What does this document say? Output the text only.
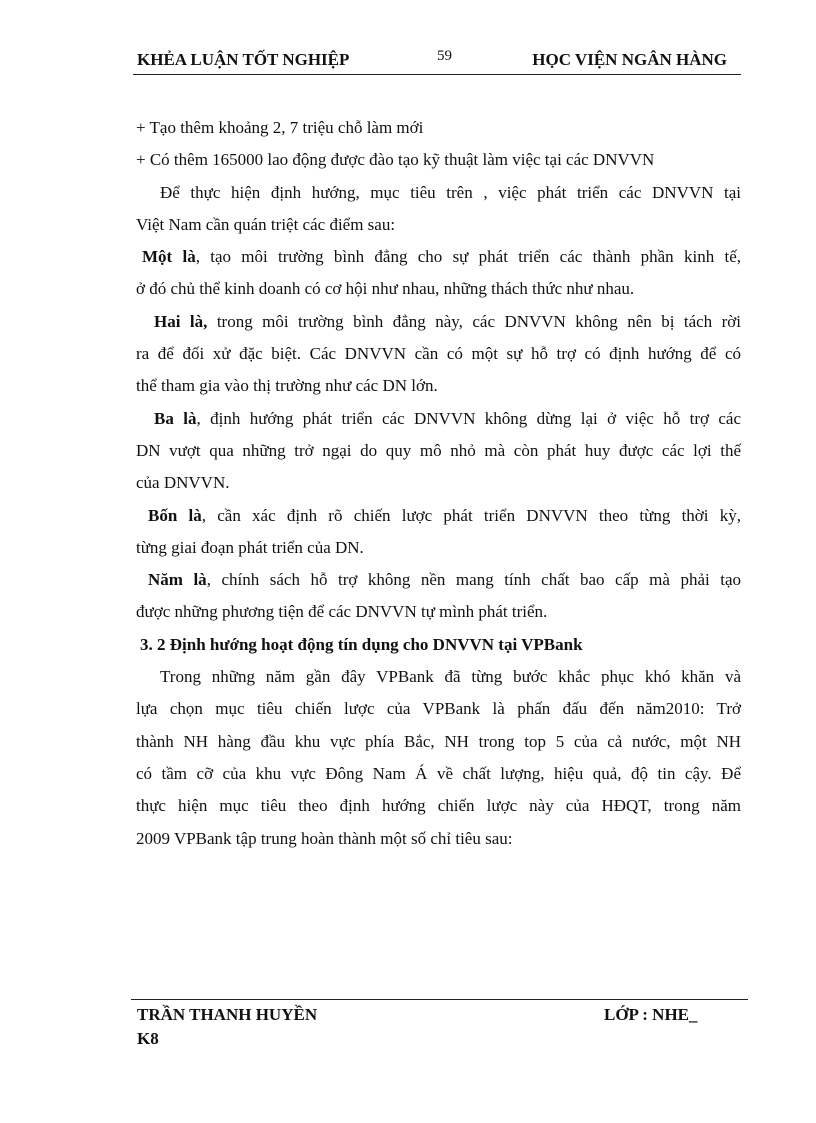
KHẺA LUẬN TỐT NGHIỆP	59	HỌC VIỆN NGÂN HÀNG
+ Tạo thêm khoảng 2, 7 triệu chỗ làm mới
+ Có thêm 165000 lao động được đào tạo kỹ thuật làm việc tại các DNVVN
Để thực hiện định hướng, mục tiêu trên , việc phát triển các DNVVN tại
Việt Nam cần quán triệt các điểm sau:
Một là, tạo môi trường bình đẳng cho sự phát triển các thành phần kinh tế,
ở đó chủ thể kinh doanh có cơ hội như nhau, những thách thức như nhau.
Hai là, trong môi trường bình đẳng này, các DNVVN không nên bị tách rời
ra để đối xử đặc biệt. Các DNVVN cần có một sự hỗ trợ có định hướng để có
thể tham gia vào thị trường như các DN lớn.
Ba là, định hướng phát triển các DNVVN không dừng lại ở việc hỗ trợ các
DN vượt qua những trở ngại do quy mô nhỏ mà còn phát huy được các lợi thế
của DNVVN.
Bốn là, cần xác định rõ chiến lược phát triển DNVVN theo từng thời kỳ,
từng giai đoạn phát triển của DN.
Năm là, chính sách hỗ trợ không nền mang tính chất bao cấp mà phải tạo
được những phương tiện để các DNVVN tự mình phát triển.
3. 2 Định hướng hoạt động tín dụng cho DNVVN tại VPBank
Trong những năm gần đây VPBank đã từng bước khắc phục khó khăn và
lựa chọn mục tiêu chiến lược của VPBank là phấn đấu đến năm2010: Trở
thành NH hàng đầu khu vực phía Bắc, NH trong top 5 của cả nước, một NH
có tầm cỡ của khu vực Đông Nam Á về chất lượng, hiệu quả, độ tin cậy. Để
thực hiện mục tiêu theo định hướng chiến lược này của HĐQT, trong năm
2009 VPBank tập trung hoàn thành một số chỉ tiêu sau:
TRẦN THANH HUYỀN	LỚP : NHE_
K8
